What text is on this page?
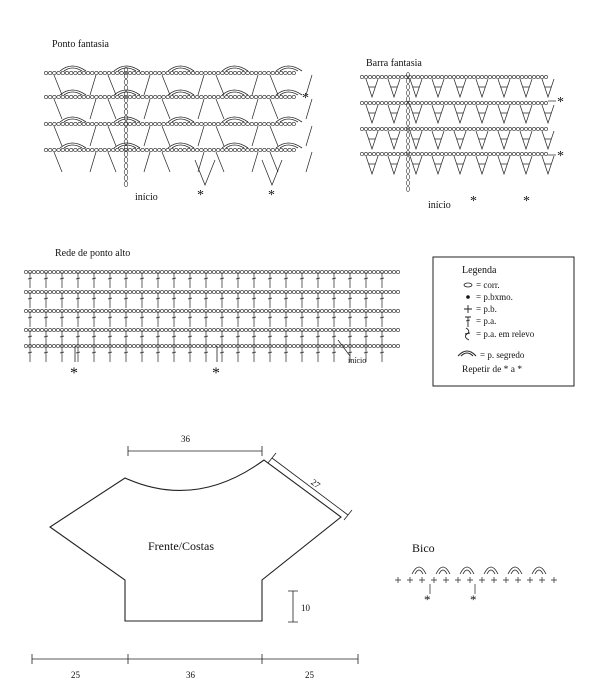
Ponto fantasia
início	*	*
*
Barra fantasia
início *	*
*
*
Rede de ponto alto
início
*	*
Legenda
= corr.
= p.bxmo.
= p.b.
= p.a.
= p.a. em relevo
= p. segredo
Repetir de * a *
Frente/Costas
36
27
10
25	36	25
Bico
*	*
